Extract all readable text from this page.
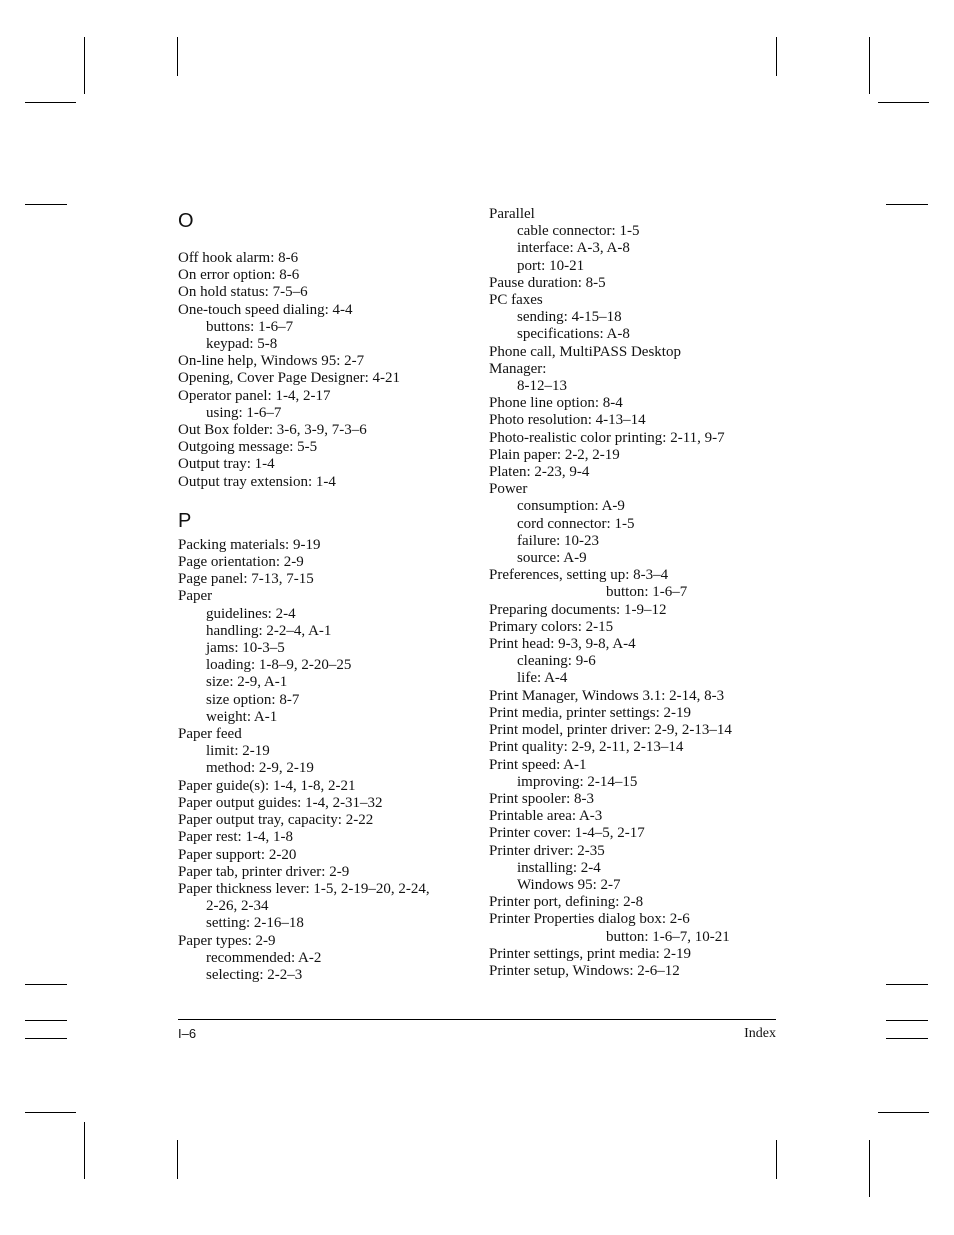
O
Off hook alarm: 8-6
On error option: 8-6
On hold status: 7-5–6
One-touch speed dialing: 4-4
buttons: 1-6–7
keypad: 5-8
On-line help, Windows 95: 2-7
Opening, Cover Page Designer: 4-21
Operator panel: 1-4, 2-17
using: 1-6–7
Out Box folder: 3-6, 3-9, 7-3–6
Outgoing message: 5-5
Output tray: 1-4
Output tray extension: 1-4
P
Packing materials: 9-19
Page orientation: 2-9
Page panel: 7-13, 7-15
Paper
guidelines: 2-4
handling: 2-2–4, A-1
jams: 10-3–5
loading: 1-8–9, 2-20–25
size: 2-9, A-1
size option: 8-7
weight: A-1
Paper feed
limit: 2-19
method: 2-9, 2-19
Paper guide(s): 1-4, 1-8, 2-21
Paper output guides: 1-4, 2-31–32
Paper output tray, capacity: 2-22
Paper rest: 1-4, 1-8
Paper support: 2-20
Paper tab, printer driver: 2-9
Paper thickness lever: 1-5, 2-19–20, 2-24,
2-26, 2-34
setting: 2-16–18
Paper types: 2-9
recommended: A-2
selecting: 2-2–3
Parallel
cable connector: 1-5
interface: A-3, A-8
port: 10-21
Pause duration: 8-5
PC faxes
sending: 4-15–18
specifications: A-8
Phone call, MultiPASS Desktop
Manager:
8-12–13
Phone line option: 8-4
Photo resolution: 4-13–14
Photo-realistic color printing: 2-11, 9-7
Plain paper: 2-2, 2-19
Platen: 2-23, 9-4
Power
consumption: A-9
cord connector: 1-5
failure: 10-23
source: A-9
Preferences, setting up: 8-3–4
button: 1-6–7
Preparing documents: 1-9–12
Primary colors: 2-15
Print head: 9-3, 9-8, A-4
cleaning: 9-6
life: A-4
Print Manager, Windows 3.1: 2-14, 8-3
Print media, printer settings: 2-19
Print model, printer driver: 2-9, 2-13–14
Print quality: 2-9, 2-11, 2-13–14
Print speed: A-1
improving: 2-14–15
Print spooler: 8-3
Printable area: A-3
Printer cover: 1-4–5, 2-17
Printer driver: 2-35
installing: 2-4
Windows 95: 2-7
Printer port, defining: 2-8
Printer Properties dialog box: 2-6
button: 1-6–7, 10-21
Printer settings, print media: 2-19
Printer setup, Windows: 2-6–12
I–6	Index
